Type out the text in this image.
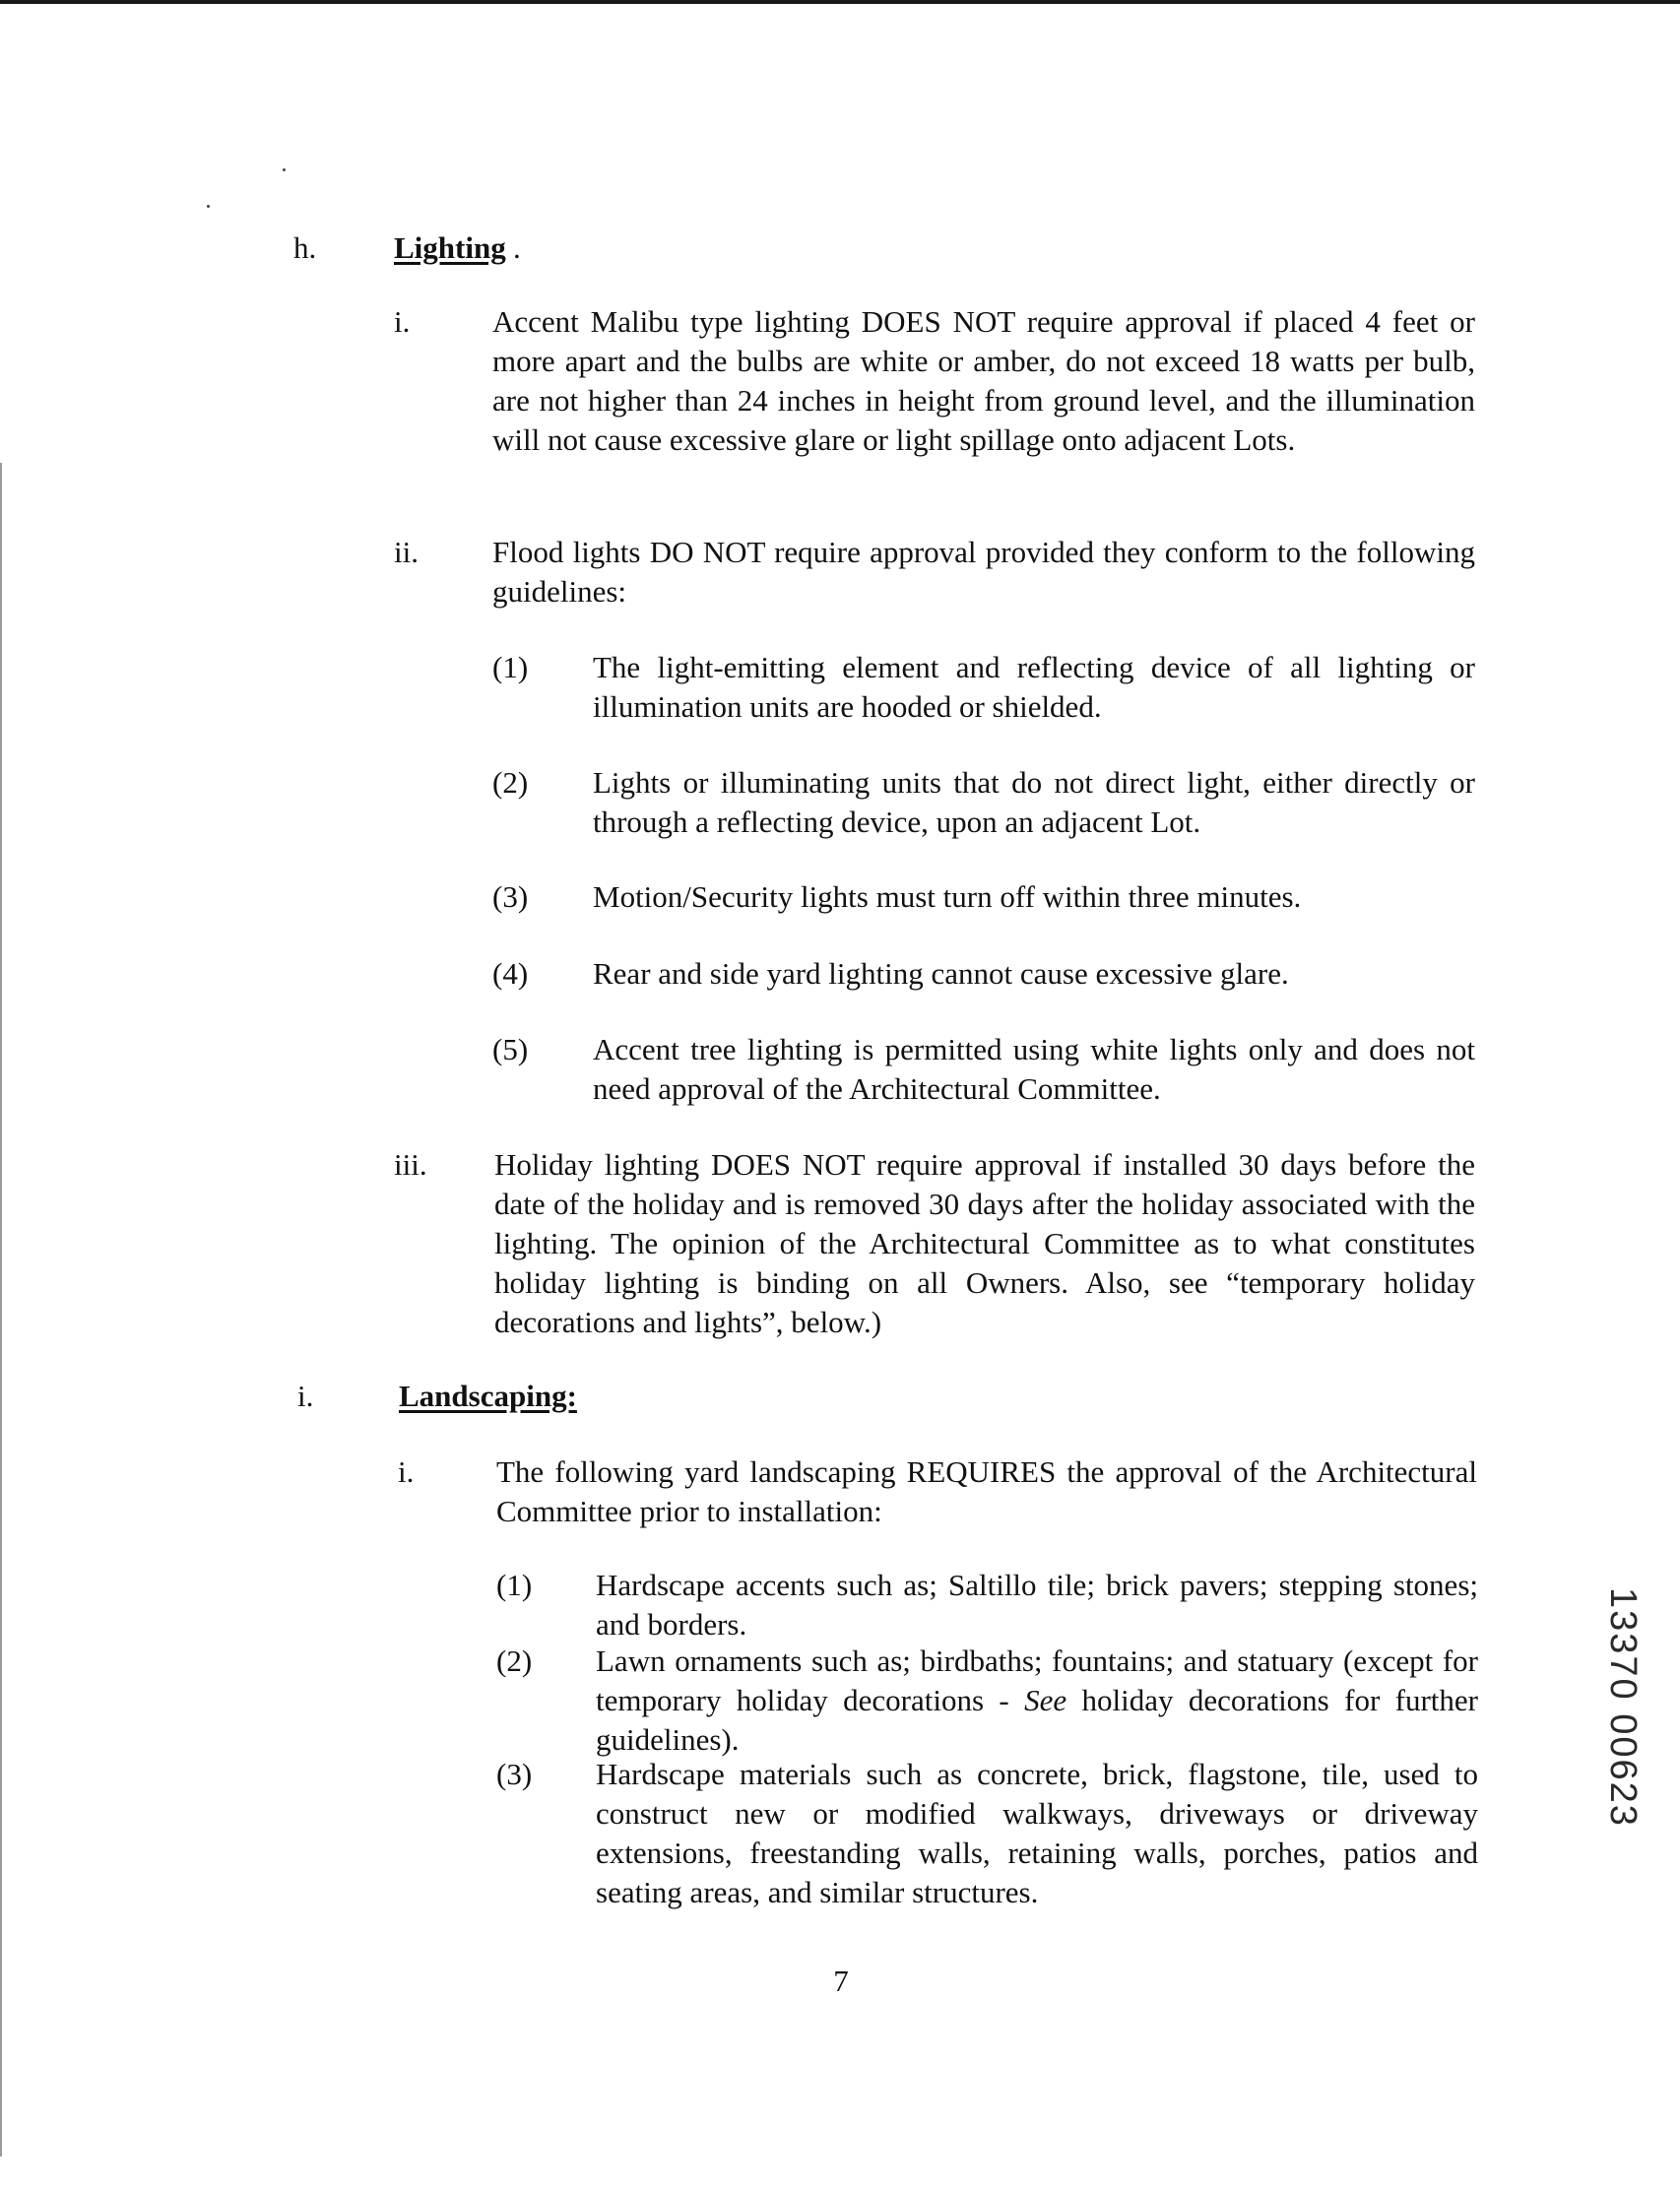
h.	Lighting .
i.	Accent Malibu type lighting DOES NOT require approval if placed 4 feet or more apart and the bulbs are white or amber, do not exceed 18 watts per bulb, are not higher than 24 inches in height from ground level, and the illumination will not cause excessive glare or light spillage onto adjacent Lots.
ii. Flood lights DO NOT require approval provided they conform to the following guidelines:
(1) The light-emitting element and reflecting device of all lighting or illumination units are hooded or shielded.
(2) Lights or illuminating units that do not direct light, either directly or through a reflecting device, upon an adjacent Lot.
(3) Motion/Security lights must turn off within three minutes.
(4) Rear and side yard lighting cannot cause excessive glare.
(5) Accent tree lighting is permitted using white lights only and does not need approval of the Architectural Committee.
iii. Holiday lighting DOES NOT require approval if installed 30 days before the date of the holiday and is removed 30 days after the holiday associated with the lighting. The opinion of the Architectural Committee as to what constitutes holiday lighting is binding on all Owners. Also, see “temporary holiday decorations and lights”, below.)
i.	Landscaping:
i.	The following yard landscaping REQUIRES the approval of the Architectural Committee prior to installation:
(1) Hardscape accents such as; Saltillo tile; brick pavers; stepping stones; and borders.
(2) Lawn ornaments such as; birdbaths; fountains; and statuary (except for temporary holiday decorations - See holiday decorations for further guidelines).
(3) Hardscape materials such as concrete, brick, flagstone, tile, used to construct new or modified walkways, driveways or driveway extensions, freestanding walls, retaining walls, porches, patios and seating areas, and similar structures.
7
13370 00623
